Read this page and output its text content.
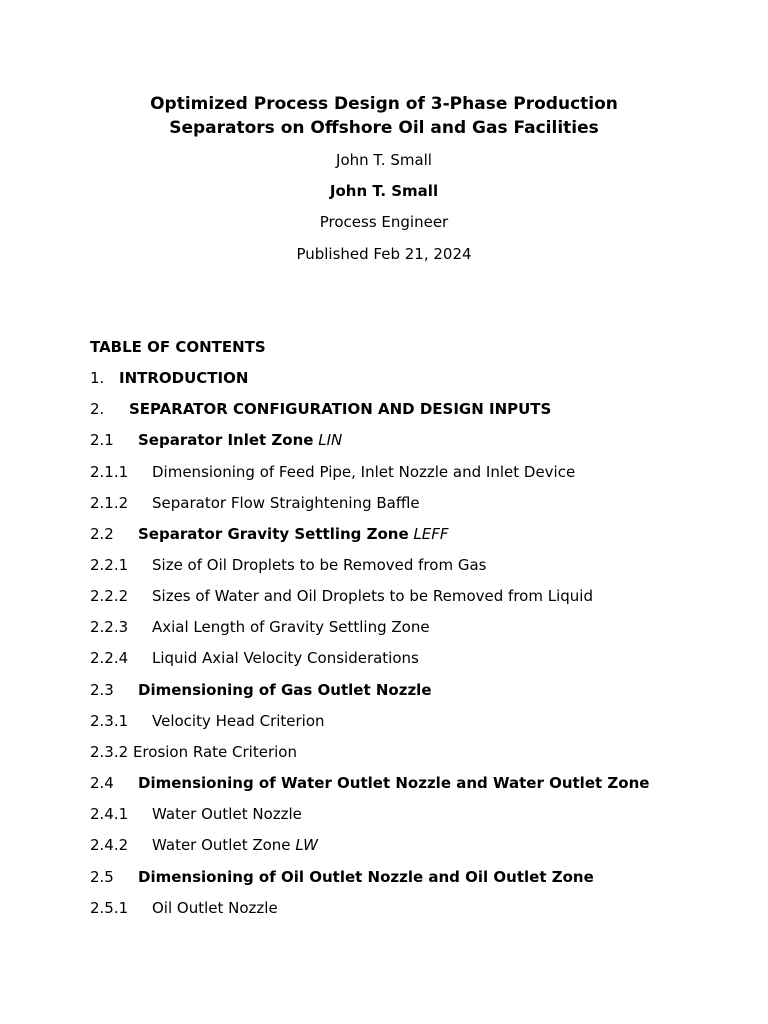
Optimized Process Design of 3-Phase Production
Separators on Offshore Oil and Gas Facilities
John T. Small
John T. Small
Process Engineer
Published Feb 21, 2024
TABLE OF CONTENTS
1. INTRODUCTION
2. SEPARATOR CONFIGURATION AND DESIGN INPUTS
2.1 Separator Inlet Zone LIN
2.1.1 Dimensioning of Feed Pipe, Inlet Nozzle and Inlet Device
2.1.2 Separator Flow Straightening Baffle
2.2 Separator Gravity Settling Zone LEFF
2.2.1 Size of Oil Droplets to be Removed from Gas
2.2.2 Sizes of Water and Oil Droplets to be Removed from Liquid
2.2.3 Axial Length of Gravity Settling Zone
2.2.4 Liquid Axial Velocity Considerations
2.3 Dimensioning of Gas Outlet Nozzle
2.3.1 Velocity Head Criterion
2.3.2 Erosion Rate Criterion
2.4 Dimensioning of Water Outlet Nozzle and Water Outlet Zone
2.4.1 Water Outlet Nozzle
2.4.2 Water Outlet Zone LW
2.5 Dimensioning of Oil Outlet Nozzle and Oil Outlet Zone
2.5.1 Oil Outlet Nozzle
